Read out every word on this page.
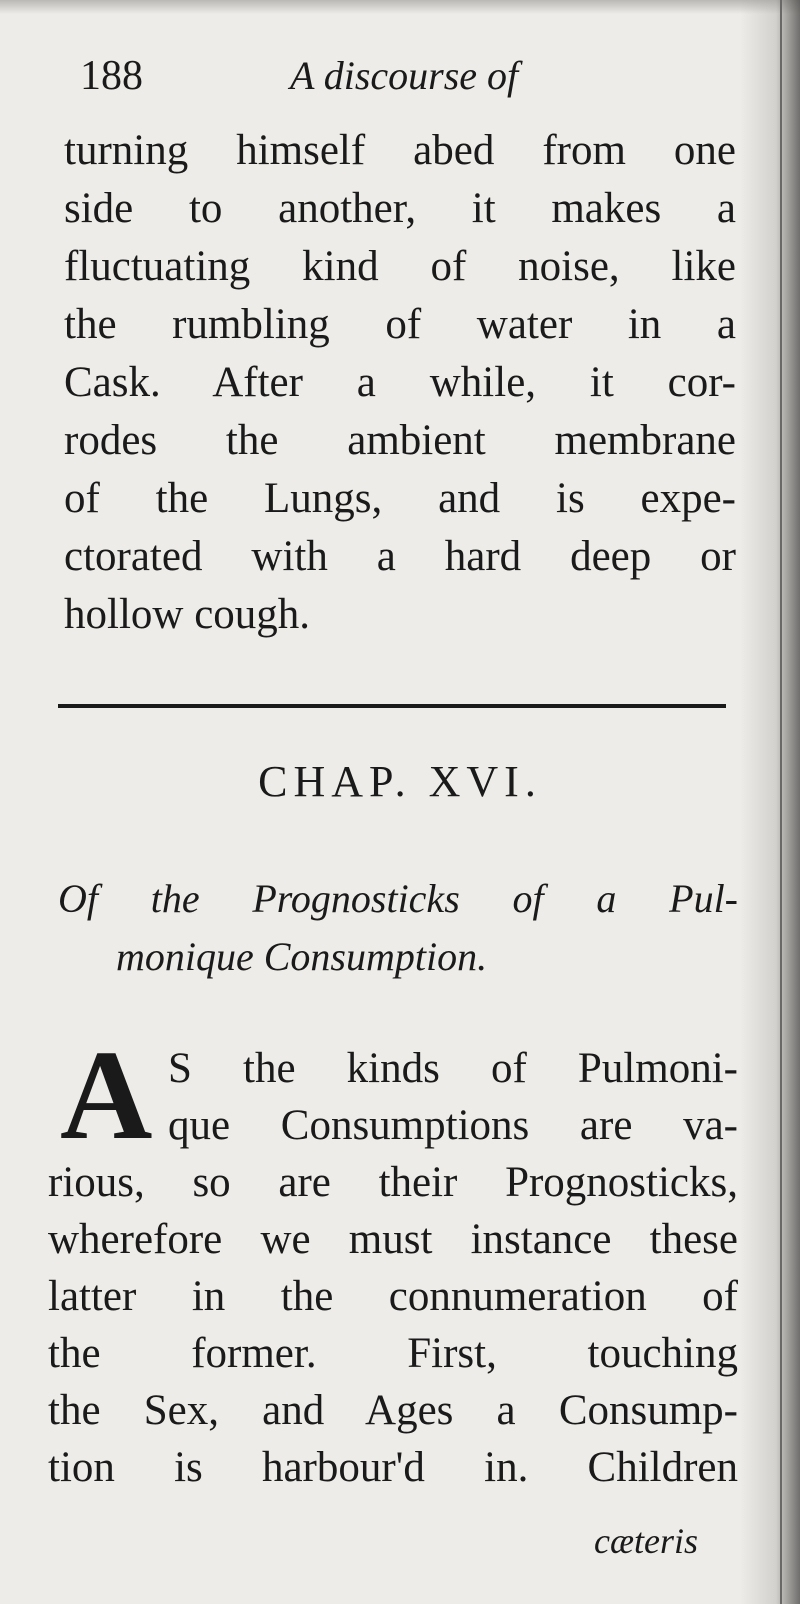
188	A discourse of
turning himself abed from one
side to another, it makes a
fluctuating kind of noise, like
the rumbling of water in a
Cask. After a while, it cor-
rodes the ambient membrane
of the Lungs, and is expe-
ctorated with a hard deep or
hollow cough.
CHAP. XVI.
Of the Prognosticks of a Pul-
monique Consumption.
A S the kinds of Pulmoni-
que Consumptions are va-
rious, so are their Prognosticks,
wherefore we must instance these
latter in the connumeration of
the former. First, touching
the Sex, and Ages a Consump-
tion is harbour'd in. Children
cæteris
